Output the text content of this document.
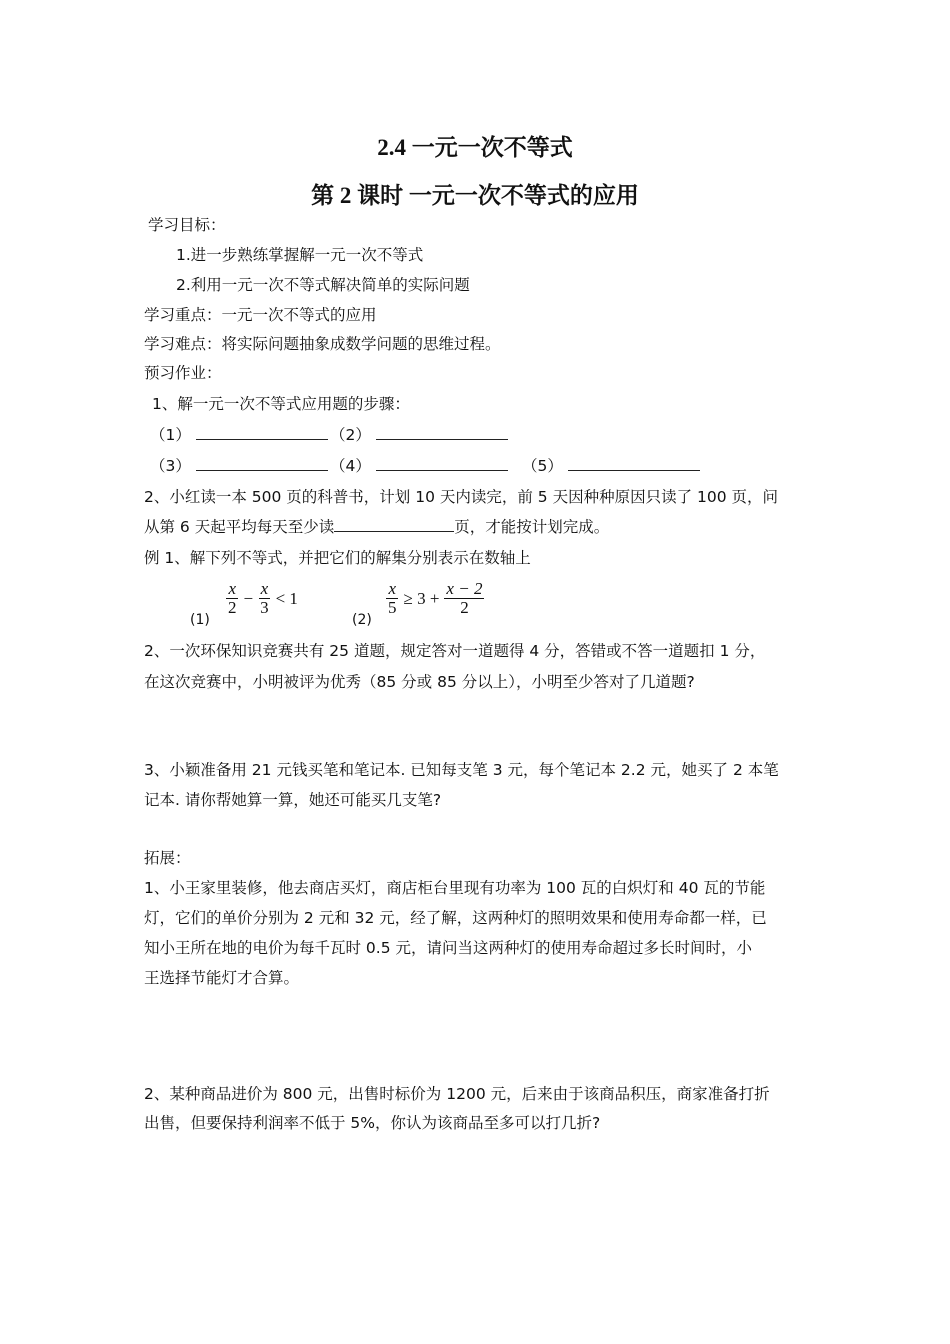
2.4 一元一次不等式
第 2 课时 一元一次不等式的应用
学习目标：
1.进一步熟练掌握解一元一次不等式
2.利用一元一次不等式解决简单的实际问题
学习重点：一元一次不等式的应用
学习难点：将实际问题抽象成数学问题的思维过程。
预习作业：
1、解一元一次不等式应用题的步骤：
（1）	（2）
（3）	（4）	（5）
2、小红读一本 500 页的科普书，计划 10 天内读完，前 5 天因种种原因只读了 100 页，问
从第 6 天起平均每天至少读	页，才能按计划完成。
例 1、解下列不等式，并把它们的解集分别表示在数轴上
(1)
$\frac{x}{2} - \frac{x}{3} < 1$
(2)
$\frac{x}{5} \ge 3 + \frac{x - 2}{2}$
2、一次环保知识竞赛共有 25 道题，规定答对一道题得 4 分，答错或不答一道题扣 1 分，
在这次竞赛中，小明被评为优秀（85 分或 85 分以上），小明至少答对了几道题?
3、小颖准备用 21 元钱买笔和笔记本. 已知每支笔 3 元，每个笔记本 2.2 元，她买了 2 本笔
记本. 请你帮她算一算，她还可能买几支笔?
拓展：
1、小王家里装修，他去商店买灯，商店柜台里现有功率为 100 瓦的白炽灯和 40 瓦的节能
灯，它们的单价分别为 2 元和 32 元，经了解，这两种灯的照明效果和使用寿命都一样，已
知小王所在地的电价为每千瓦时 0.5 元，请问当这两种灯的使用寿命超过多长时间时，小
王选择节能灯才合算。
2、某种商品进价为 800 元，出售时标价为 1200 元，后来由于该商品积压，商家准备打折
出售，但要保持利润率不低于 5%，你认为该商品至多可以打几折?
